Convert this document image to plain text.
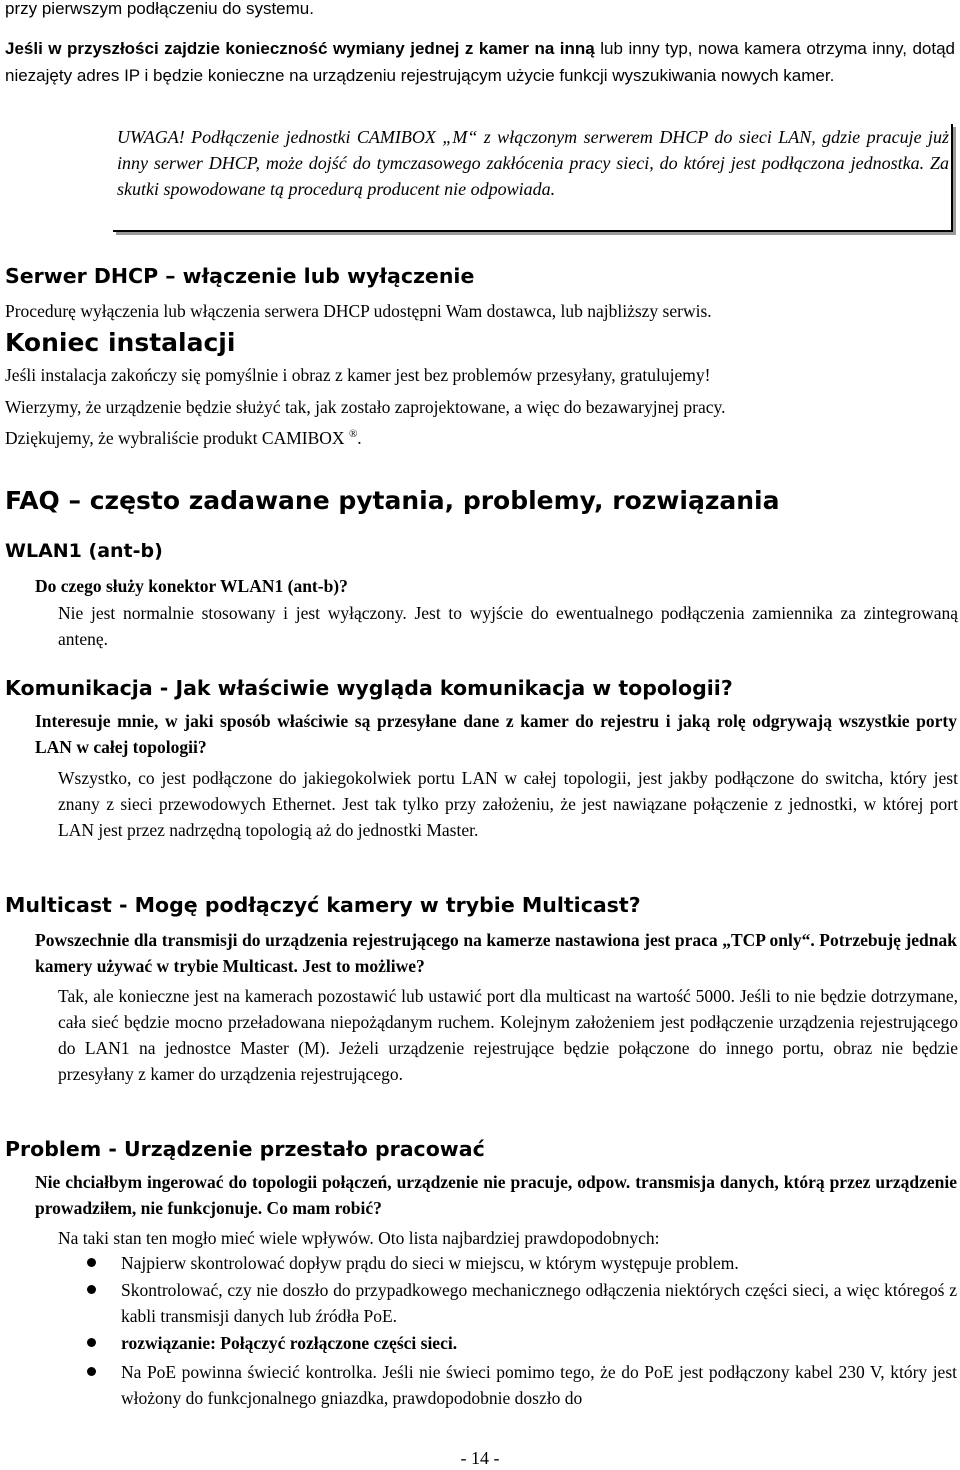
przy pierwszym podłączeniu do systemu.
Jeśli w przyszłości zajdzie konieczność wymiany jednej z kamer na inną lub inny typ, nowa kamera otrzyma inny, dotąd niezajęty adres IP i będzie konieczne na urządzeniu rejestrującym użycie funkcji wyszukiwania nowych kamer.
UWAGA! Podłączenie jednostki CAMIBOX „M“ z włączonym serwerem DHCP do sieci LAN, gdzie pracuje już inny serwer DHCP, może dojść do tymczasowego zakłócenia pracy sieci, do której jest podłączona jednostka. Za skutki spowodowane tą procedurą producent nie odpowiada.
Serwer DHCP – włączenie lub wyłączenie
Procedurę wyłączenia lub włączenia serwera DHCP udostępni Wam dostawca, lub najbliższy serwis.
Koniec instalacji
Jeśli instalacja zakończy się pomyślnie i obraz z kamer jest bez problemów przesyłany, gratulujemy!
Wierzymy, że urządzenie będzie służyć tak, jak zostało zaprojektowane, a więc do bezawaryjnej pracy.
Dziękujemy, że wybraliście produkt CAMIBOX ®.
FAQ – często zadawane pytania, problemy, rozwiązania
WLAN1 (ant-b)
Do czego służy konektor WLAN1 (ant-b)?
Nie jest normalnie stosowany i jest wyłączony. Jest to wyjście do ewentualnego podłączenia zamiennika za zintegrowaną antenę.
Komunikacja - Jak właściwie wygląda komunikacja w topologii?
Interesuje mnie, w jaki sposób właściwie są przesyłane dane z kamer do rejestru i jaką rolę odgrywają wszystkie porty LAN w całej topologii?
Wszystko, co jest podłączone do jakiegokolwiek portu LAN w całej topologii, jest jakby podłączone do switcha, który jest znany z sieci przewodowych Ethernet. Jest tak tylko przy założeniu, że jest nawiązane połączenie z jednostki, w której port LAN jest przez nadrzędną topologią aż do jednostki Master.
Multicast - Mogę podłączyć kamery w trybie Multicast?
Powszechnie dla transmisji do urządzenia rejestrującego na kamerze nastawiona jest praca „TCP only“. Potrzebuję jednak kamery używać w trybie Multicast. Jest to możliwe?
Tak, ale konieczne jest na kamerach pozostawić lub ustawić port dla multicast na wartość 5000. Jeśli to nie będzie dotrzymane, cała sieć będzie mocno przeładowana niepożądanym ruchem. Kolejnym założeniem jest podłączenie urządzenia rejestrującego do LAN1 na jednostce Master (M). Jeżeli urządzenie rejestrujące będzie połączone do innego portu, obraz nie będzie przesyłany z kamer do urządzenia rejestrującego.
Problem - Urządzenie przestało pracować
Nie chciałbym ingerować do topologii połączeń, urządzenie nie pracuje, odpow. transmisja danych, którą przez urządzenie prowadziłem, nie funkcjonuje. Co mam robić?
Na taki stan ten mogło mieć wiele wpływów. Oto lista najbardziej prawdopodobnych:
Najpierw skontrolować dopływ prądu do sieci w miejscu, w którym występuje problem.
Skontrolować, czy nie doszło do przypadkowego mechanicznego odłączenia niektórych części sieci, a więc któregoś z kabli transmisji danych lub źródła PoE.
rozwiązanie: Połączyć rozłączone części sieci.
Na PoE powinna świecić kontrolka. Jeśli nie świeci pomimo tego, że do PoE jest podłączony kabel 230 V, który jest włożony do funkcjonalnego gniazdka, prawdopodobnie doszło do
- 14 -
